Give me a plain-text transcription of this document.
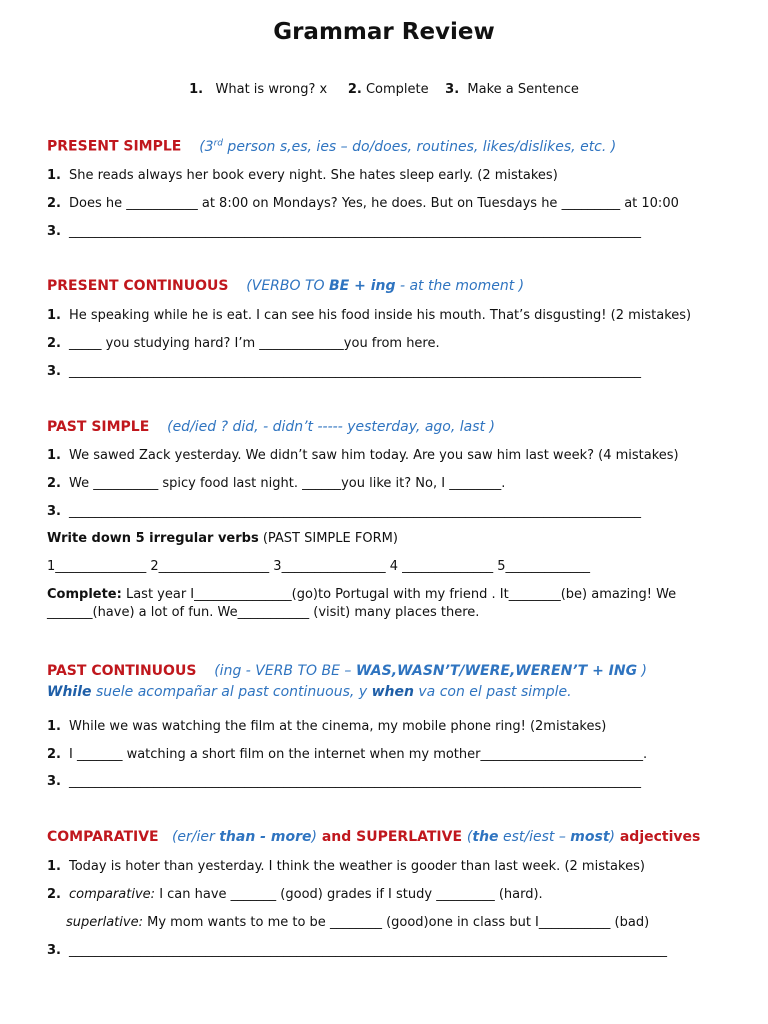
Grammar Review
1. What is wrong? x 2. Complete 3. Make a Sentence
PRESENT SIMPLE (3rd person s,es, ies – do/does, routines, likes/dislikes, etc. )
1. She reads always her book every night. She hates sleep early. (2 mistakes)
2. Does he ___________ at 8:00 on Mondays? Yes, he does. But on Tuesdays he _________ at 10:00
3. ________________________________________________________________________________________
PRESENT CONTINUOUS (VERBO TO BE + ing - at the moment )
1. He speaking while he is eat. I can see his food inside his mouth. That’s disgusting! (2 mistakes)
2. _____ you studying hard? I’m _____________you from here.
3. ________________________________________________________________________________________
PAST SIMPLE (ed/ied ? did, - didn’t ----- yesterday, ago, last )
1. We sawed Zack yesterday. We didn’t saw him today. Are you saw him last week? (4 mistakes)
2. We __________ spicy food last night. ______you like it? No, I ________.
3. ________________________________________________________________________________________
Write down 5 irregular verbs (PAST SIMPLE FORM)
1______________ 2_________________ 3________________ 4 ______________ 5_____________
Complete: Last year I_______________(go)to Portugal with my friend . It________(be) amazing! We
_______(have) a lot of fun. We___________ (visit) many places there.
PAST CONTINUOUS (ing - VERB TO BE – WAS,WASN’T/WERE,WEREN’T + ING )
While suele acompañar al past continuous, y when va con el past simple.
1. While we was watching the film at the cinema, my mobile phone ring! (2mistakes)
2. I _______ watching a short film on the internet when my mother_________________________.
3. ________________________________________________________________________________________
COMPARATIVE (er/ier than - more) and SUPERLATIVE (the est/iest – most) adjectives
1. Today is hoter than yesterday. I think the weather is gooder than last week. (2 mistakes)
2. comparative: I can have _______ (good) grades if I study _________ (hard).
superlative: My mom wants to me to be ________ (good)one in class but I___________ (bad)
3. ____________________________________________________________________________________________
